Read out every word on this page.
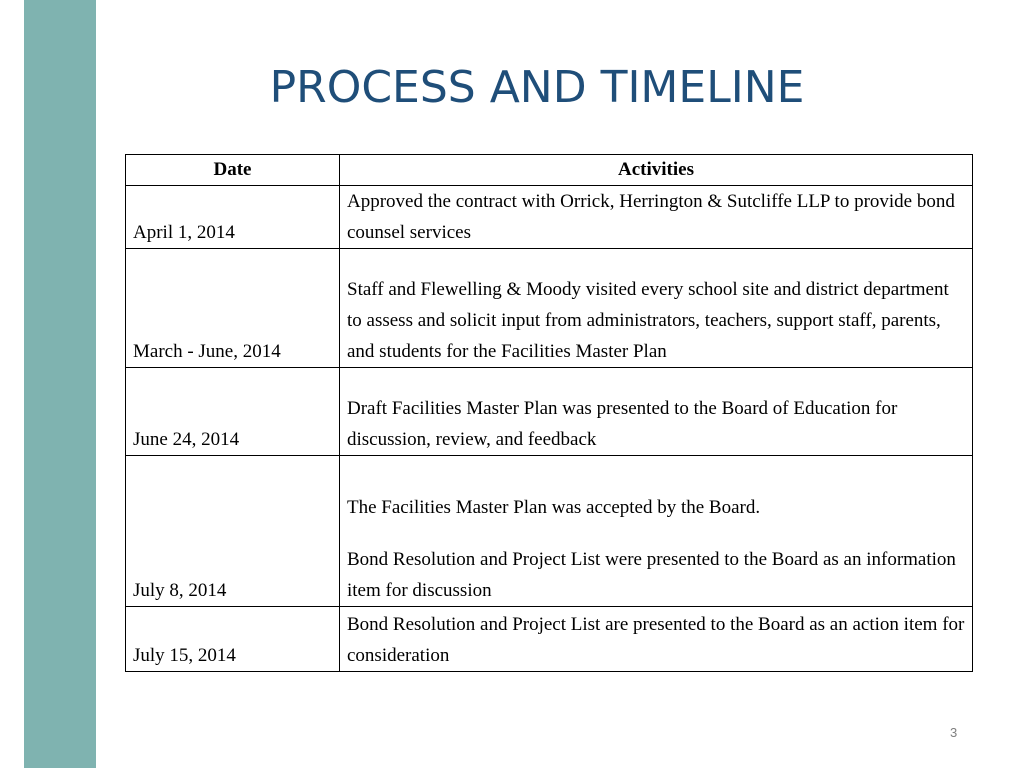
PROCESS AND TIMELINE
Date	Activities
April 1, 2014	Approved the contract with Orrick, Herrington & Sutcliffe LLP to provide bond counsel services

March - June, 2014	Staff and Flewelling & Moody visited every school site and district department to assess and solicit input from administrators, teachers, support staff, parents, and students for the Facilities Master Plan

June 24, 2014	Draft Facilities Master Plan was presented to the Board of Education for discussion, review, and feedback

July 8, 2014	The Facilities Master Plan was accepted by the Board.
Bond Resolution and Project List were presented to the Board as an information item for discussion

July 15, 2014	Bond Resolution and Project List are presented to the Board as an action item for consideration
3
